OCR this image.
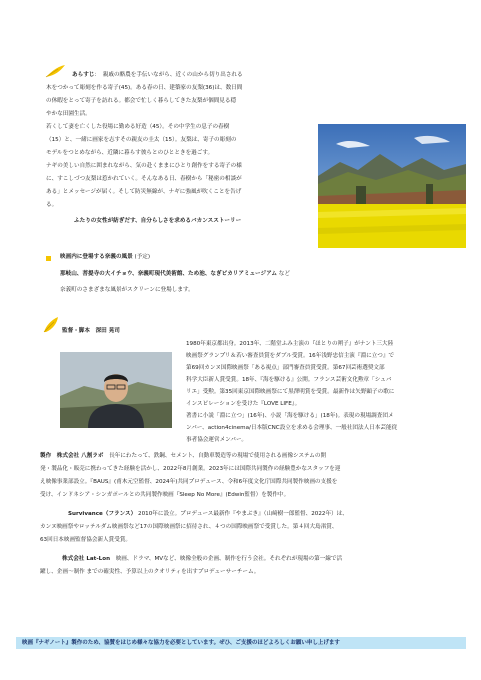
あらすじ：　親戚の酪農を手伝いながら、近くの山から切り出される
木をつかって彫刻を作る寄子(45)。ある春の日、建築家の友梨(36)は、数日間
の休暇をとって寄子を訪れる。都会で忙しく暮らしてきた友梨が個間見る穏
やかな田園生活。
若くして妻を亡くした役場に勤める好造（45）。その中学生の息子の春樹
（15）と、一緒に画家を志すその親友の圭太（15）。友梨は、寄子の彫刻の
モデルをつとめながら、近隣に暮らす彼らとのひとときを過ごす。
ナギの美しい自然に囲まれながら、気の赴くままにひとり創作をする寄子の様
に、すこしづつ友梨は惹かれていく。そんなある日、春樹から「秘密の相談が
ある」とメッセージが届く。そして防災無線が、ナギに強風が吹くことを告げ
る。
ふたりの女性が紡ぎだす、自分らしさを求めるバカンスストーリー
映画内に登場する奈義の風景 (予定)
那岐山、菩提寺の大イチョウ、奈義町現代美術館、ため池、なぎビカリアミュージアム など
奈義町のさまざまな風景がスクリーンに登場します。
監督・脚本　深田 晃司
1980年東京都出身。2013年、二階堂ふみ主演の『ほとりの朔子』がナント三大陸
映画祭グランプリ＆若い審査員賞をダブル受賞。16年浅野忠信主演『淵に立つ』で
第69回カンヌ国際映画祭「ある視点」部門審査員賞受賞。第67回芸術選奨文部
科学大臣新人賞受賞。18年、『海を駆ける』公開。フランス芸術文化勲章「シュバ
リエ」受勲。第35回東京国際映画祭にて黒澤明賞を受賞。最新作は矢野顕子の歌に
インスピレーションを受けた『LOVE LIFE』。
著書に小説「淵に立つ」(16年)、小説「海を駆ける」(18年)。表現の現場調査団メ
ンバー、action4cinema/日本版CNC設立を求める会理事、一般社団法人日本芸能従
事者協会運営メンバー。
製作　株式会社 八割ラボ　長年にわたって、鉄鋼、セメント、自動車製造等の現場で使用される画像システムの開
発・製品化・販売に携わってきた経験を活かし、2022年8月創業。2023年には国際共同製作の経験豊かなスタッフを迎
え映像事業部設立。『BAUS』(甫木元空監督、2024年)共同プロデュース、令和6年度文化庁国際共同製作映画の支援を
受け、インドネシア・シンガポールとの共同製作映画『Sleep No More』(Edwin監督）を製作中。
Survivance（フランス） 2010年に設立。プロデュース最新作『やまぶき』（山﨑樹一郎監督、2022年）は、
カンヌ映画祭やロッテルダム映画祭など17の国際映画祭に招待され、４つの国際映画祭で受賞した。第４回大島渚賞、
63回日本映画監督協会新人賞受賞。
株式会社 Lat-Lon　映画、ドラマ、MVなど、映像全般の企画、制作を行う会社。それぞれが現場の第一線で活
躍し、企画〜制作 までの確実性、予算以上のクオリティを出すプロデューサーチーム。
映画『ナギノート』製作のため、協賛をはじめ様々な協力を必要としています。ぜひ、ご支援のほどよろしくお願い申し上げます
